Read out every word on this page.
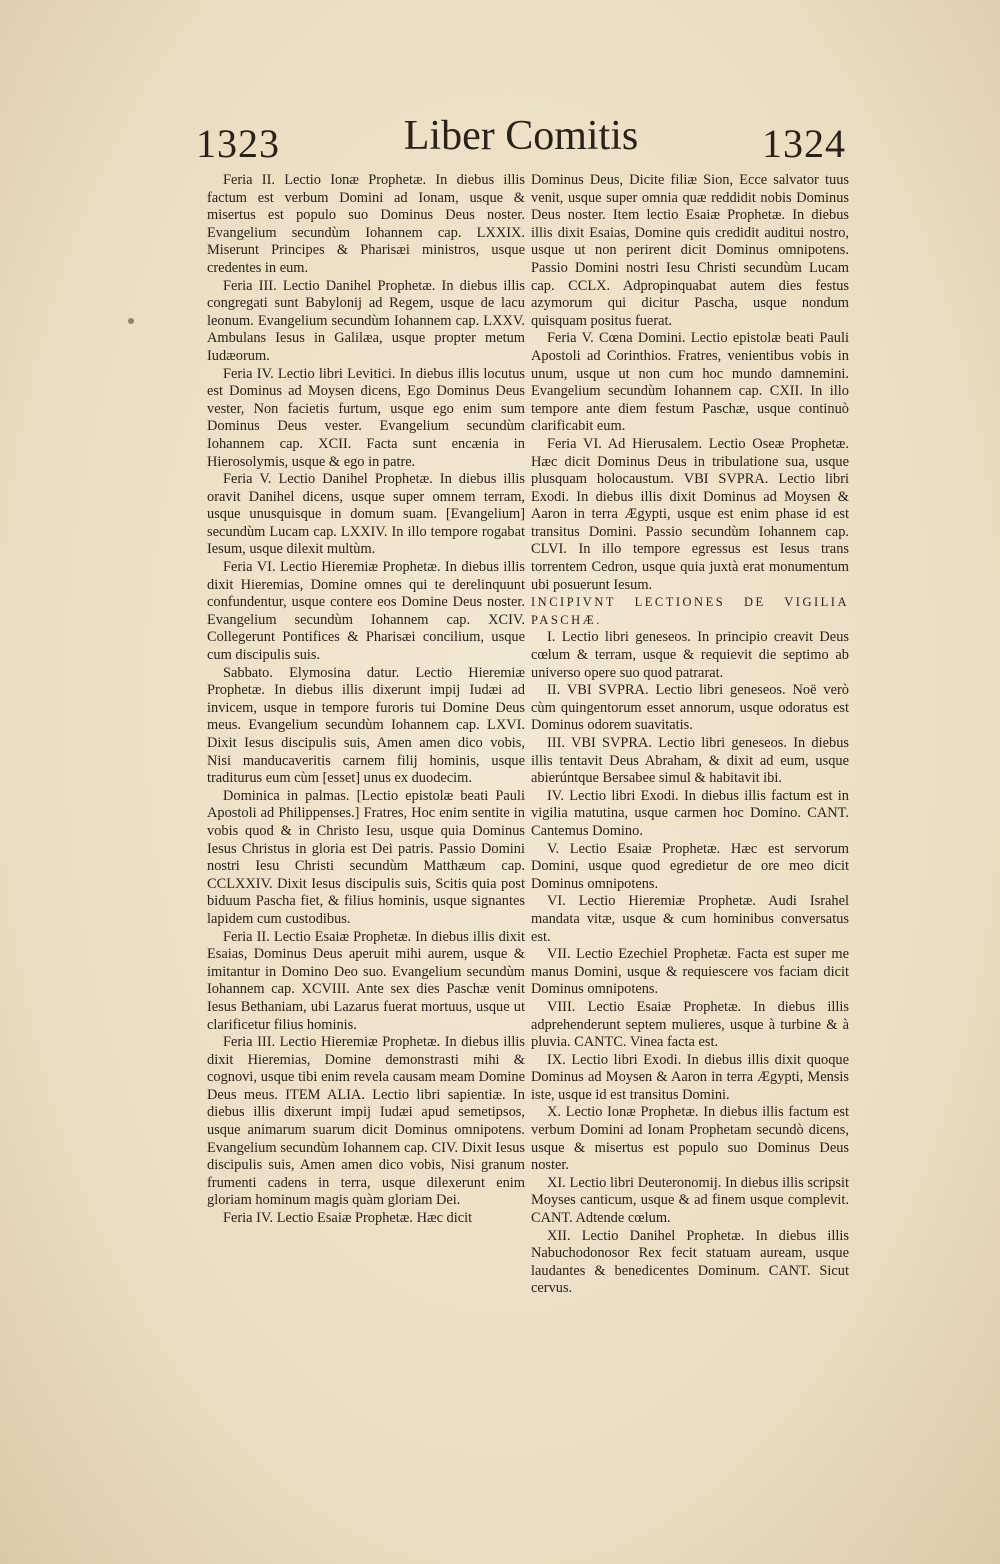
1323	Liber Comitis	1324

Feria II. Lectio Ionæ Prophetæ. In diebus illis factum est verbum Domini ad Ionam, usque & misertus est populo suo Dominus Deus noster. Evangelium secundùm Iohannem cap. LXXIX. Miserunt Principes & Pharisæi ministros, usque credentes in eum.

Feria III. Lectio Danihel Prophetæ. In diebus illis congregati sunt Babylonij ad Regem, usque de lacu leonum. Evangelium secundùm Iohannem cap. LXXV. Ambulans Iesus in Galilæa, usque propter metum Iudæorum.

Feria IV. Lectio libri Levitici. In diebus illis locutus est Dominus ad Moysen dicens, Ego Dominus Deus vester, Non facietis furtum, usque ego enim sum Dominus Deus vester. Evangelium secundùm Iohannem cap. XCII. Facta sunt encænia in Hierosolymis, usque & ego in patre.

Feria V. Lectio Danihel Prophetæ. In diebus illis oravit Danihel dicens, usque super omnem terram, usque unusquisque in domum suam. [Evangelium] secundùm Lucam cap. LXXIV. In illo tempore rogabat Iesum, usque dilexit multùm.

Feria VI. Lectio Hieremiæ Prophetæ. In diebus illis dixit Hieremias, Domine omnes qui te derelinquunt confundentur, usque contere eos Domine Deus noster. Evangelium secundùm Iohannem cap. XCIV. Collegerunt Pontifices & Pharisæi concilium, usque cum discipulis suis.

Sabbato. Elymosina datur. Lectio Hieremiæ Prophetæ. In diebus illis dixerunt impij Iudæi ad invicem, usque in tempore furoris tui Domine Deus meus. Evangelium secundùm Iohannem cap. LXVI. Dixit Iesus discipulis suis, Amen amen dico vobis, Nisi manducaveritis carnem filij hominis, usque traditurus eum cùm [esset] unus ex duodecim.

Dominica in palmas. [Lectio epistolæ beati Pauli Apostoli ad Philippenses.] Fratres, Hoc enim sentite in vobis quod & in Christo Iesu, usque quia Dominus Iesus Christus in gloria est Dei patris. Passio Domini nostri Iesu Christi secundùm Matthæum cap. CCLXXIV. Dixit Iesus discipulis suis, Scitis quia post biduum Pascha fiet, & filius hominis, usque signantes lapidem cum custodibus.

Feria II. Lectio Esaiæ Prophetæ. In diebus illis dixit Esaias, Dominus Deus aperuit mihi aurem, usque & imitantur in Domino Deo suo. Evangelium secundùm Iohannem cap. XCVIII. Ante sex dies Paschæ venit Iesus Bethaniam, ubi Lazarus fuerat mortuus, usque ut clarificetur filius hominis.

Feria III. Lectio Hieremiæ Prophetæ. In diebus illis dixit Hieremias, Domine demonstrasti mihi & cognovi, usque tibi enim revela causam meam Domine Deus meus. ITEM ALIA. Lectio libri sapientiæ. In diebus illis dixerunt impij Iudæi apud semetipsos, usque animarum suarum dicit Dominus omnipotens. Evangelium secundùm Iohannem cap. CIV. Dixit Iesus discipulis suis, Amen amen dico vobis, Nisi granum frumenti cadens in terra, usque dilexerunt enim gloriam hominum magis quàm gloriam Dei.

Feria IV. Lectio Esaiæ Prophetæ. Hæc dicit

Dominus Deus, Dicite filiæ Sion, Ecce salvator tuus venit, usque super omnia quæ reddidit nobis Dominus Deus noster. Item lectio Esaiæ Prophetæ. In diebus illis dixit Esaias, Domine quis credidit auditui nostro, usque ut non perirent dicit Dominus omnipotens. Passio Domini nostri Iesu Christi secundùm Lucam cap. CCLX. Adpropinquabat autem dies festus azymorum qui dicitur Pascha, usque nondum quisquam positus fuerat.

Feria V. Cœna Domini. Lectio epistolæ beati Pauli Apostoli ad Corinthios. Fratres, venientibus vobis in unum, usque ut non cum hoc mundo damnemini. Evangelium secundùm Iohannem cap. CXII. In illo tempore ante diem festum Paschæ, usque continuò clarificabit eum.

Feria VI. Ad Hierusalem. Lectio Oseæ Prophetæ. Hæc dicit Dominus Deus in tribulatione sua, usque plusquam holocaustum. VBI SVPRA. Lectio libri Exodi. In diebus illis dixit Dominus ad Moysen & Aaron in terra Ægypti, usque est enim phase id est transitus Domini. Passio secundùm Iohannem cap. CLVI. In illo tempore egressus est Iesus trans torrentem Cedron, usque quia juxtà erat monumentum ubi posuerunt Iesum.

INCIPIVNT LECTIONES DE VIGILIA PASCHÆ.

I. Lectio libri geneseos. In principio creavit Deus cœlum & terram, usque & requievit die septimo ab universo opere suo quod patrarat.

II. VBI SVPRA. Lectio libri geneseos. Noë verò cùm quingentorum esset annorum, usque odoratus est Dominus odorem suavitatis.

III. VBI SVPRA. Lectio libri geneseos. In diebus illis tentavit Deus Abraham, & dixit ad eum, usque abierúntque Bersabee simul & habitavit ibi.

IV. Lectio libri Exodi. In diebus illis factum est in vigilia matutina, usque carmen hoc Domino. CANT. Cantemus Domino.

V. Lectio Esaiæ Prophetæ. Hæc est servorum Domini, usque quod egredietur de ore meo dicit Dominus omnipotens.

VI. Lectio Hieremiæ Prophetæ. Audi Israhel mandata vitæ, usque & cum hominibus conversatus est.

VII. Lectio Ezechiel Prophetæ. Facta est super me manus Domini, usque & requiescere vos faciam dicit Dominus omnipotens.

VIII. Lectio Esaiæ Prophetæ. In diebus illis adprehenderunt septem mulieres, usque à turbine & à pluvia. CANTC. Vinea facta est.

IX. Lectio libri Exodi. In diebus illis dixit quoque Dominus ad Moysen & Aaron in terra Ægypti, Mensis iste, usque id est transitus Domini.

X. Lectio Ionæ Prophetæ. In diebus illis factum est verbum Domini ad Ionam Prophetam secundò dicens, usque & misertus est populo suo Dominus Deus noster.

XI. Lectio libri Deuteronomij. In diebus illis scripsit Moyses canticum, usque & ad finem usque complevit. CANT. Adtende cœlum.

XII. Lectio Danihel Prophetæ. In diebus illis Nabuchodonosor Rex fecit statuam auream, usque laudantes & benedicentes Dominum. CANT. Sicut cervus.
